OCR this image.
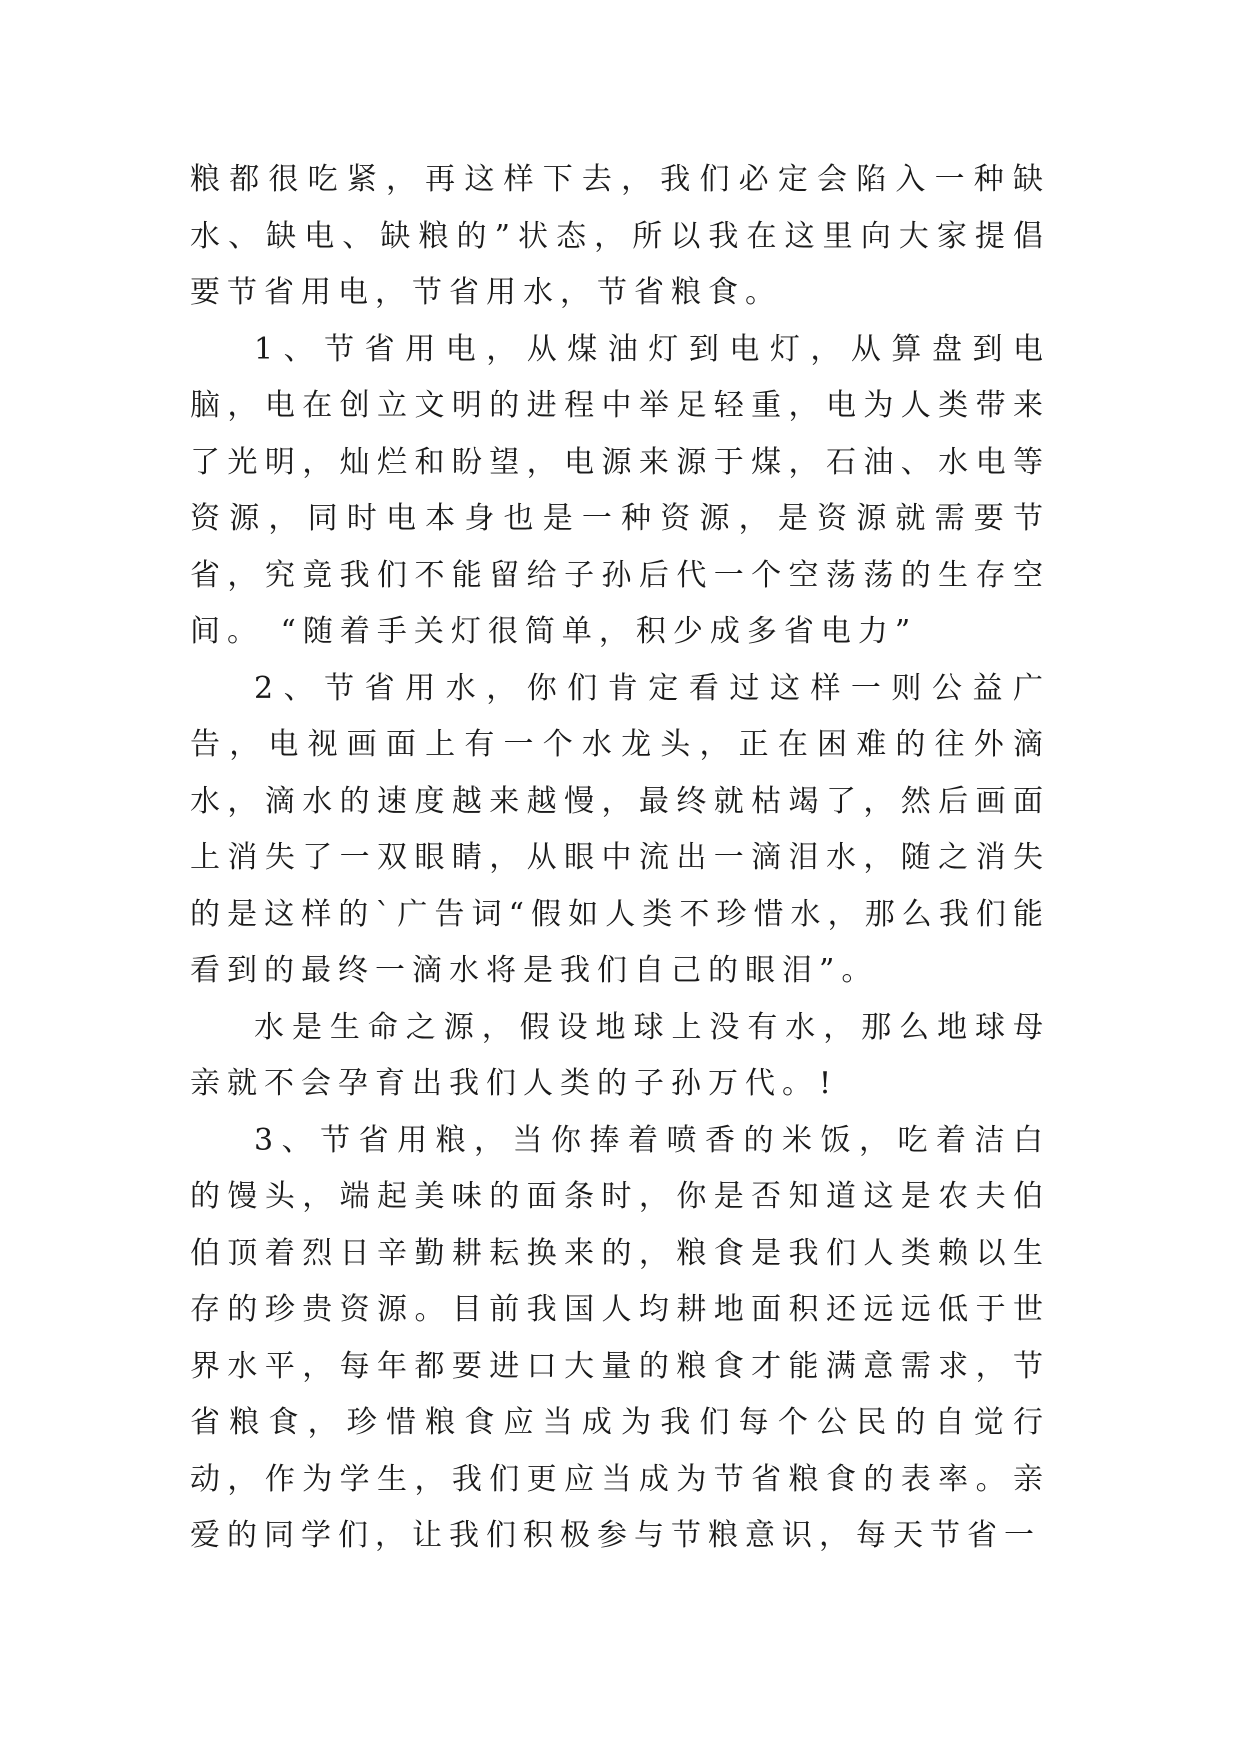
粮都很吃紧，再这样下去，我们必定会陷入一种缺水、缺电、缺粮的”状态，所以我在这里向大家提倡要节省用电，节省用水，节省粮食。

1、节省用电，从煤油灯到电灯，从算盘到电脑，电在创立文明的进程中举足轻重，电为人类带来了光明，灿烂和盼望，电源来源于煤，石油、水电等资源，同时电本身也是一种资源，是资源就需要节省，究竟我们不能留给子孙后代一个空荡荡的生存空间。 “随着手关灯很简单，积少成多省电力”

2、节省用水，你们肯定看过这样一则公益广告，电视画面上有一个水龙头，正在困难的往外滴水，滴水的速度越来越慢，最终就枯竭了，然后画面上消失了一双眼睛，从眼中流出一滴泪水，随之消失的是这样的`广告词“假如人类不珍惜水，那么我们能看到的最终一滴水将是我们自己的眼泪”。

水是生命之源，假设地球上没有水，那么地球母亲就不会孕育出我们人类的子孙万代。!

3、节省用粮，当你捧着喷香的米饭，吃着洁白的馒头，端起美味的面条时，你是否知道这是农夫伯伯顶着烈日辛勤耕耘换来的，粮食是我们人类赖以生存的珍贵资源。目前我国人均耕地面积还远远低于世界水平，每年都要进口大量的粮食才能满意需求，节省粮食，珍惜粮食应当成为我们每个公民的自觉行动，作为学生，我们更应当成为节省粮食的表率。亲爱的同学们，让我们积极参与节粮意识，每天节省一
